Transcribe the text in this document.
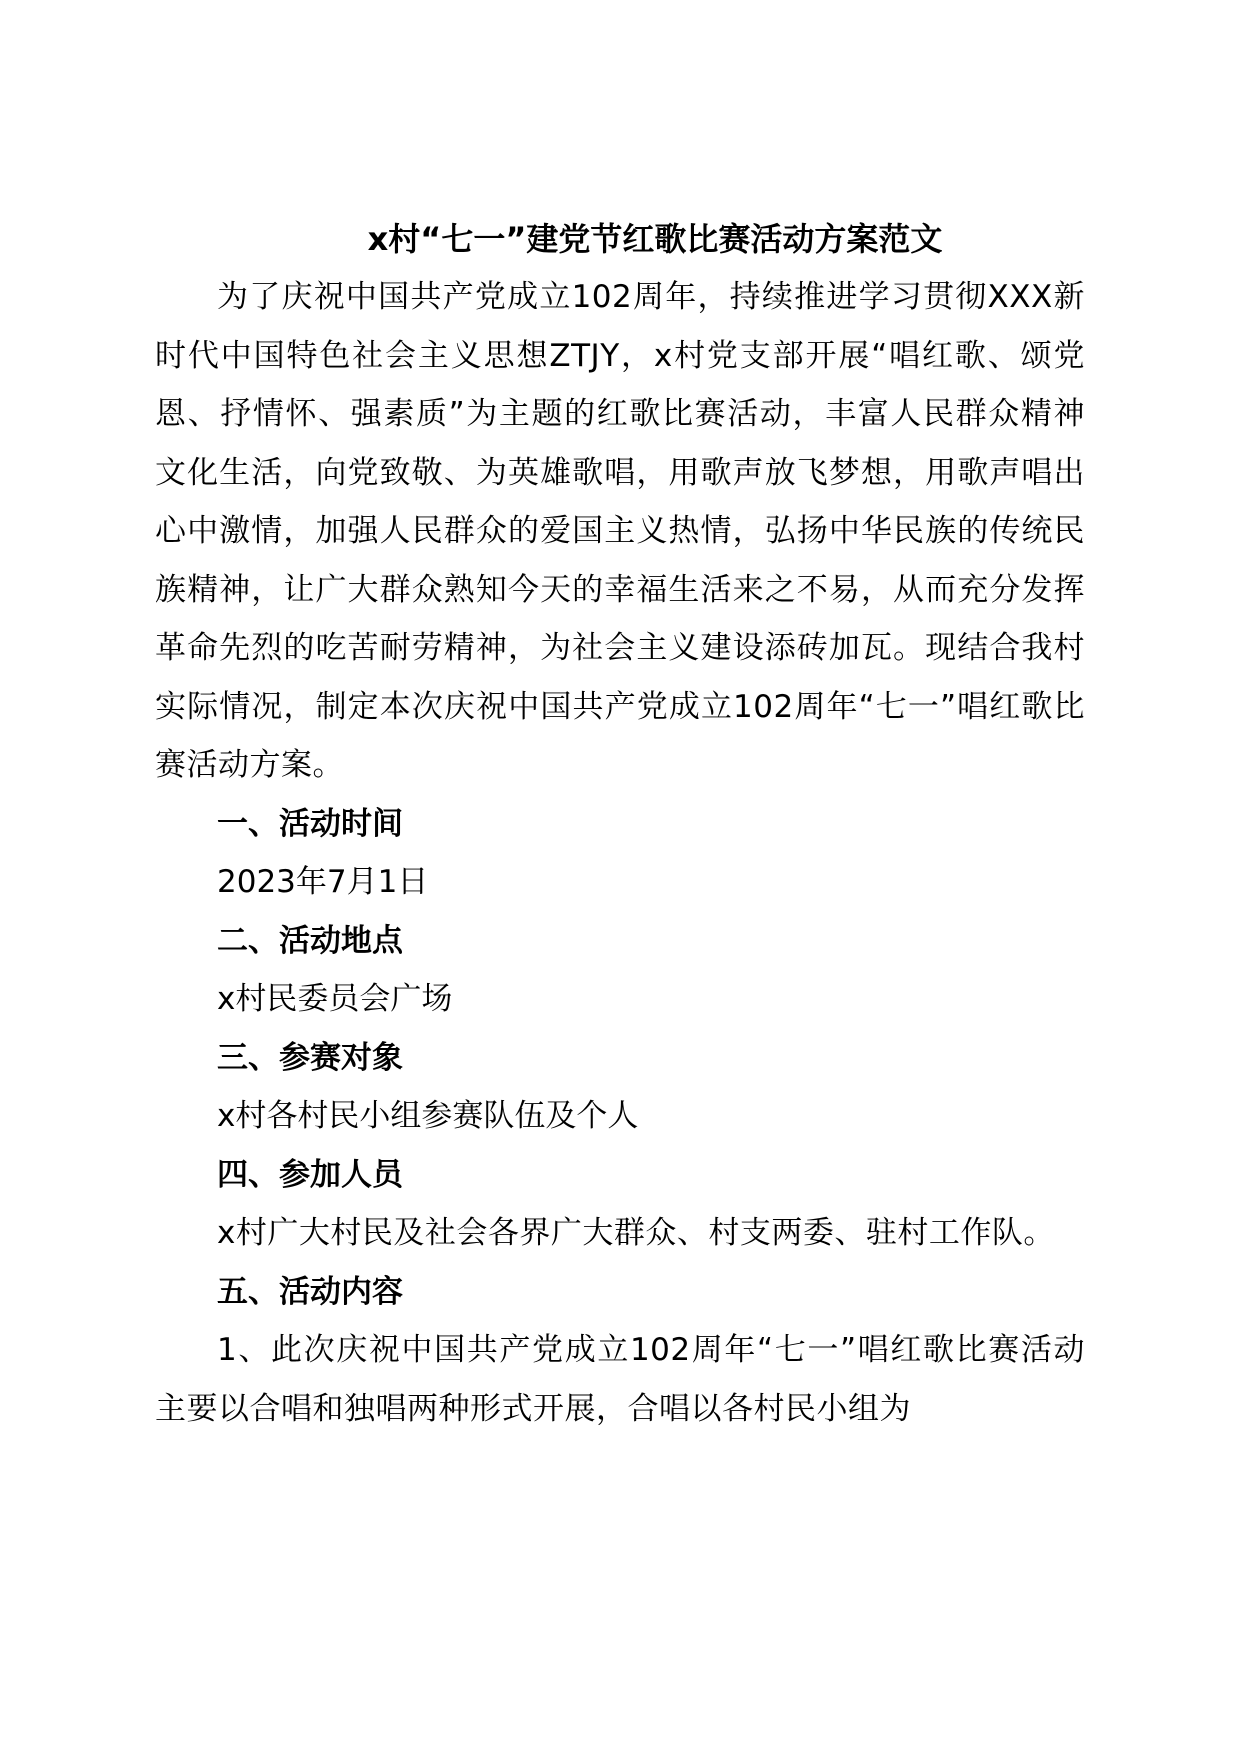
x村“七一”建党节红歌比赛活动方案范文

为了庆祝中国共产党成立102周年，持续推进学习贯彻XXX新时代中国特色社会主义思想ZTJY，x村党支部开展“唱红歌、颂党恩、抒情怀、强素质”为主题的红歌比赛活动，丰富人民群众精神文化生活，向党致敬、为英雄歌唱，用歌声放飞梦想，用歌声唱出心中激情，加强人民群众的爱国主义热情，弘扬中华民族的传统民族精神，让广大群众熟知今天的幸福生活来之不易，从而充分发挥革命先烈的吃苦耐劳精神，为社会主义建设添砖加瓦。现结合我村实际情况，制定本次庆祝中国共产党成立102周年“七一”唱红歌比赛活动方案。

一、活动时间

2023年7月1日

二、活动地点

x村民委员会广场

三、参赛对象

x村各村民小组参赛队伍及个人

四、参加人员

x村广大村民及社会各界广大群众、村支两委、驻村工作队。

五、活动内容

1、此次庆祝中国共产党成立102周年“七一”唱红歌比赛活动主要以合唱和独唱两种形式开展，合唱以各村民小组为
